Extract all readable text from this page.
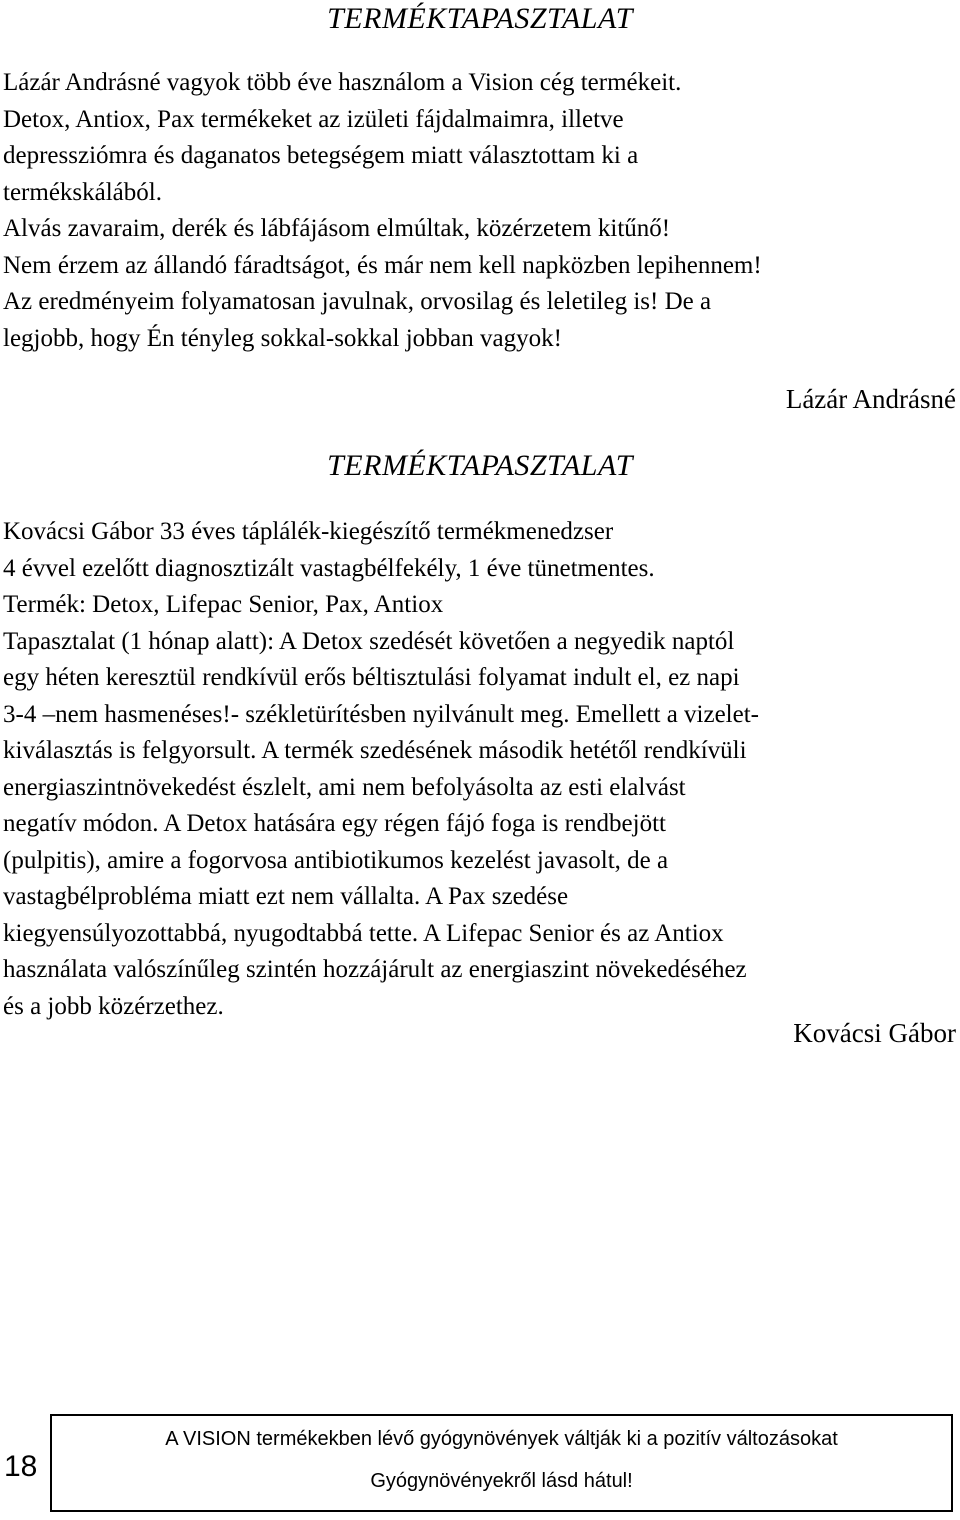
TERMÉKTAPASZTALAT

Lázár Andrásné vagyok több éve használom a Vision cég termékeit.

Detox, Antiox, Pax termékeket az izületi fájdalmaimra, illetve

depressziómra és daganatos betegségem miatt választottam ki a

termékskálából.

Alvás zavaraim, derék és lábfájásom elmúltak, közérzetem kitűnő!

Nem érzem az állandó fáradtságot, és már nem kell napközben lepihennem!

Az eredményeim folyamatosan javulnak, orvosilag és leletileg is! De a

legjobb, hogy Én tényleg sokkal-sokkal jobban vagyok!

Lázár Andrásné

TERMÉKTAPASZTALAT

Kovácsi Gábor 33 éves táplálék-kiegészítő termékmenedzser

4 évvel ezelőtt diagnosztizált vastagbélfekély, 1 éve tünetmentes.

Termék: Detox, Lifepac Senior, Pax, Antiox

Tapasztalat (1 hónap alatt): A Detox szedését követően a negyedik naptól

egy héten keresztül rendkívül erős béltisztulási folyamat indult el, ez napi

3-4 –nem hasmenéses!- székletürítésben nyilvánult meg. Emellett a vizelet-

kiválasztás is felgyorsult. A termék szedésének második hetétől rendkívüli

energiaszintnövekedést észlelt, ami nem befolyásolta az esti elalvást

negatív módon. A Detox hatására egy régen fájó foga is rendbejött

(pulpitis), amire a fogorvosa antibiotikumos kezelést javasolt, de a

vastagbélprobléma miatt ezt nem vállalta. A Pax szedése

kiegyensúlyozottabbá, nyugodtabbá tette. A Lifepac Senior és az Antiox

használata valószínűleg szintén hozzájárult az energiaszint növekedéséhez

és a jobb közérzethez.

Kovácsi Gábor

18
A VISION termékekben lévő gyógynövények váltják ki a pozitív változásokat
Gyógynövényekről lásd hátul!
